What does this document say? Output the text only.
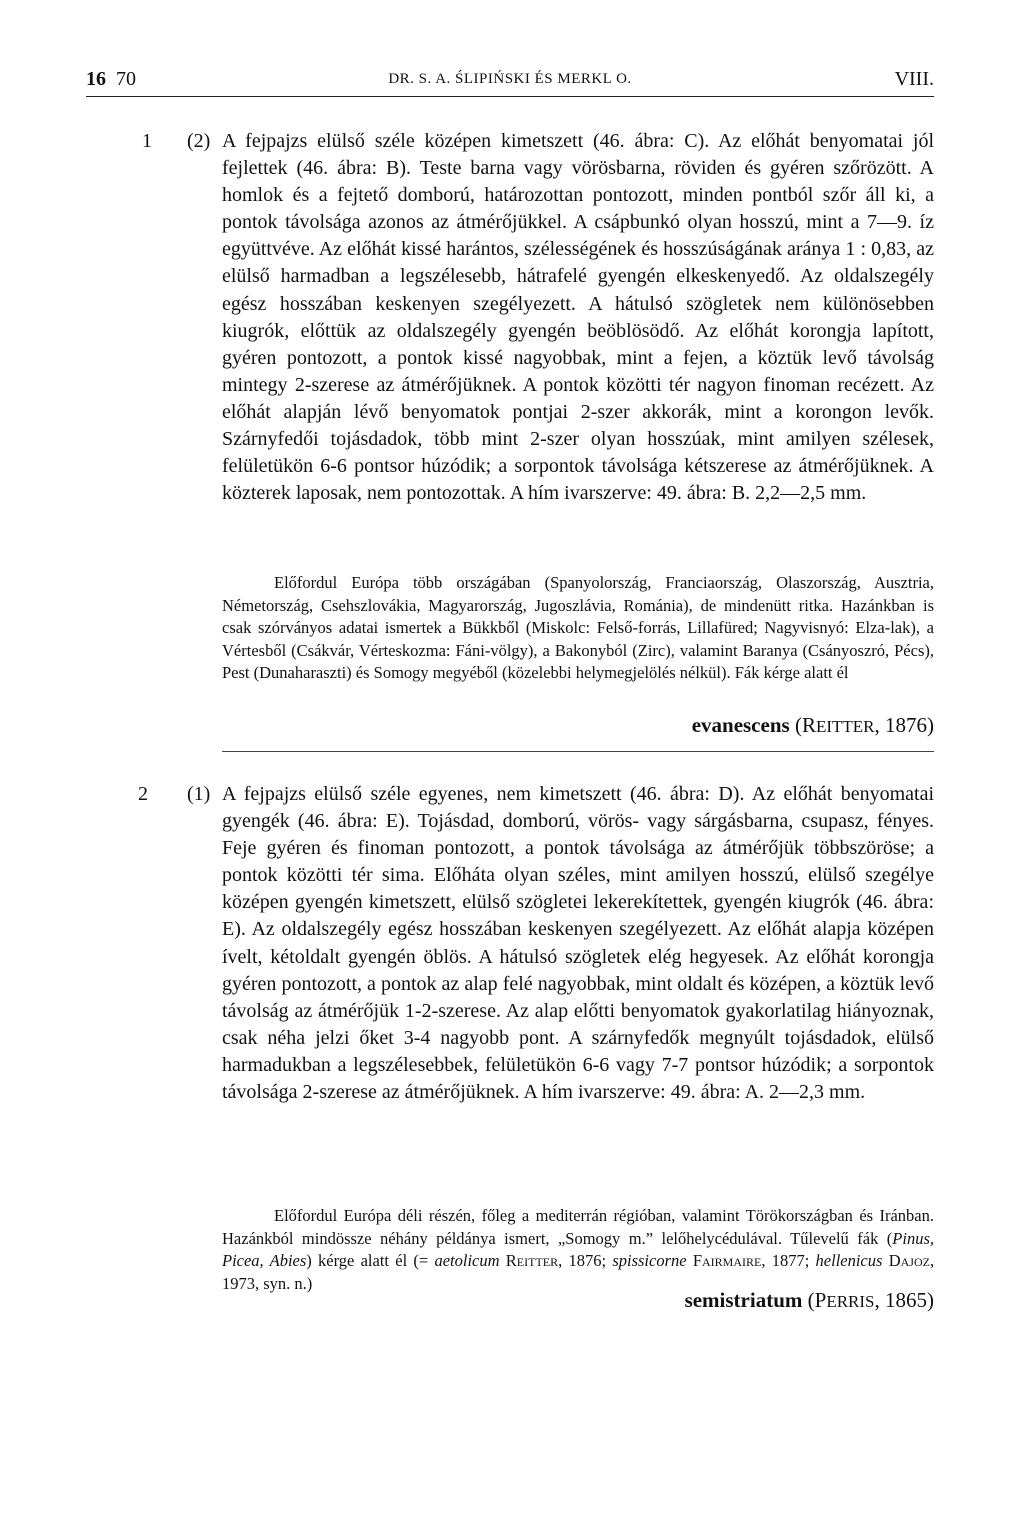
16 70	DR. S. A. ŚLIPIŃSKI ÉS MERKL O.	VIII.
1 (2) A fejpajzs elülső széle középen kimetszett (46. ábra: C). Az előhát benyomatai jól fejlettek (46. ábra: B). Teste barna vagy vörösbarna, röviden és gyéren szőrözött. A homlok és a fejtető domború, határozottan pontozott, minden pontból szőr áll ki, a pontok távolsága azonos az átmérőjükkel. A csápbunkó olyan hosszú, mint a 7—9. íz együttvéve. Az előhát kissé harántos, szélességének és hosszúságának aránya 1 : 0,83, az elülső harmadban a legszélesebb, hátrafelé gyengén elkeskenyedő. Az oldalszegély egész hosszában keskenyen szegélyezett. A hátulsó szögletek nem különösebben kiugrók, előttük az oldalszegély gyengén beöblösödő. Az előhát korongja lapított, gyéren pontozott, a pontok kissé nagyobbak, mint a fejen, a köztük levő távolság mintegy 2-szerese az átmérőjüknek. A pontok közötti tér nagyon finoman recézett. Az előhát alapján lévő benyomatok pontjai 2-szer akkorák, mint a korongon levők. Szárnyfedői tojásdadok, több mint 2-szer olyan hosszúak, mint amilyen szélesek, felületükön 6-6 pontsor húzódik; a sorpontok távolsága kétszerese az átmérőjüknek. A közterek laposak, nem pontozottak. A hím ivarszerve: 49. ábra: B. 2,2—2,5 mm.
Előfordul Európa több országában (Spanyolország, Franciaország, Olaszország, Ausztria, Németország, Csehszlovákia, Magyarország, Jugoszlávia, Románia), de mindenütt ritka. Hazánkban is csak szórványos adatai ismertek a Bükkből (Miskolc: Felső-forrás, Lillafüred; Nagyvisnyó: Elza-lak), a Vértesből (Csákvár, Vérteskozma: Fáni-völgy), a Bakonyból (Zirc), valamint Baranya (Csányoszró, Pécs), Pest (Dunaharaszti) és Somogy megyéből (közelebbi helymegjelölés nélkül). Fák kérge alatt él
evanescens (REITTER, 1876)
2 (1) A fejpajzs elülső széle egyenes, nem kimetszett (46. ábra: D). Az előhát benyomatai gyengék (46. ábra: E). Tojásdad, domború, vörös- vagy sárgásbarna, csupasz, fényes. Feje gyéren és finoman pontozott, a pontok távolsága az átmérőjük többszöröse; a pontok közötti tér sima. Előháta olyan széles, mint amilyen hosszú, elülső szegélye középen gyengén kimetszett, elülső szögletei lekerekítettek, gyengén kiugrók (46. ábra: E). Az oldalszegély egész hosszában keskenyen szegélyezett. Az előhát alapja középen ívelt, kétoldalt gyengén öblös. A hátulsó szögletek elég hegyesek. Az előhát korongja gyéren pontozott, a pontok az alap felé nagyobbak, mint oldalt és középen, a köztük levő távolság az átmérőjük 1-2-szerese. Az alap előtti benyomatok gyakorlatilag hiányoznak, csak néha jelzi őket 3-4 nagyobb pont. A szárnyfedők megnyúlt tojásdadok, elülső harmadukban a legszélesebbek, felületükön 6-6 vagy 7-7 pontsor húzódik; a sorpontok távolsága 2-szerese az átmérőjüknek. A hím ivarszerve: 49. ábra: A. 2—2,3 mm.
Előfordul Európa déli részén, főleg a mediterrán régióban, valamint Törökországban és Iránban. Hazánkból mindössze néhány példánya ismert, „Somogy m.” lelőhelycédulával. Tűlevelű fák (Pinus, Picea, Abies) kérge alatt él (= aetolicum Reitter, 1876; spissicorne Fairmaire, 1877; hellenicus Dajoz, 1973, syn. n.)
semistriatum (PERRIS, 1865)
